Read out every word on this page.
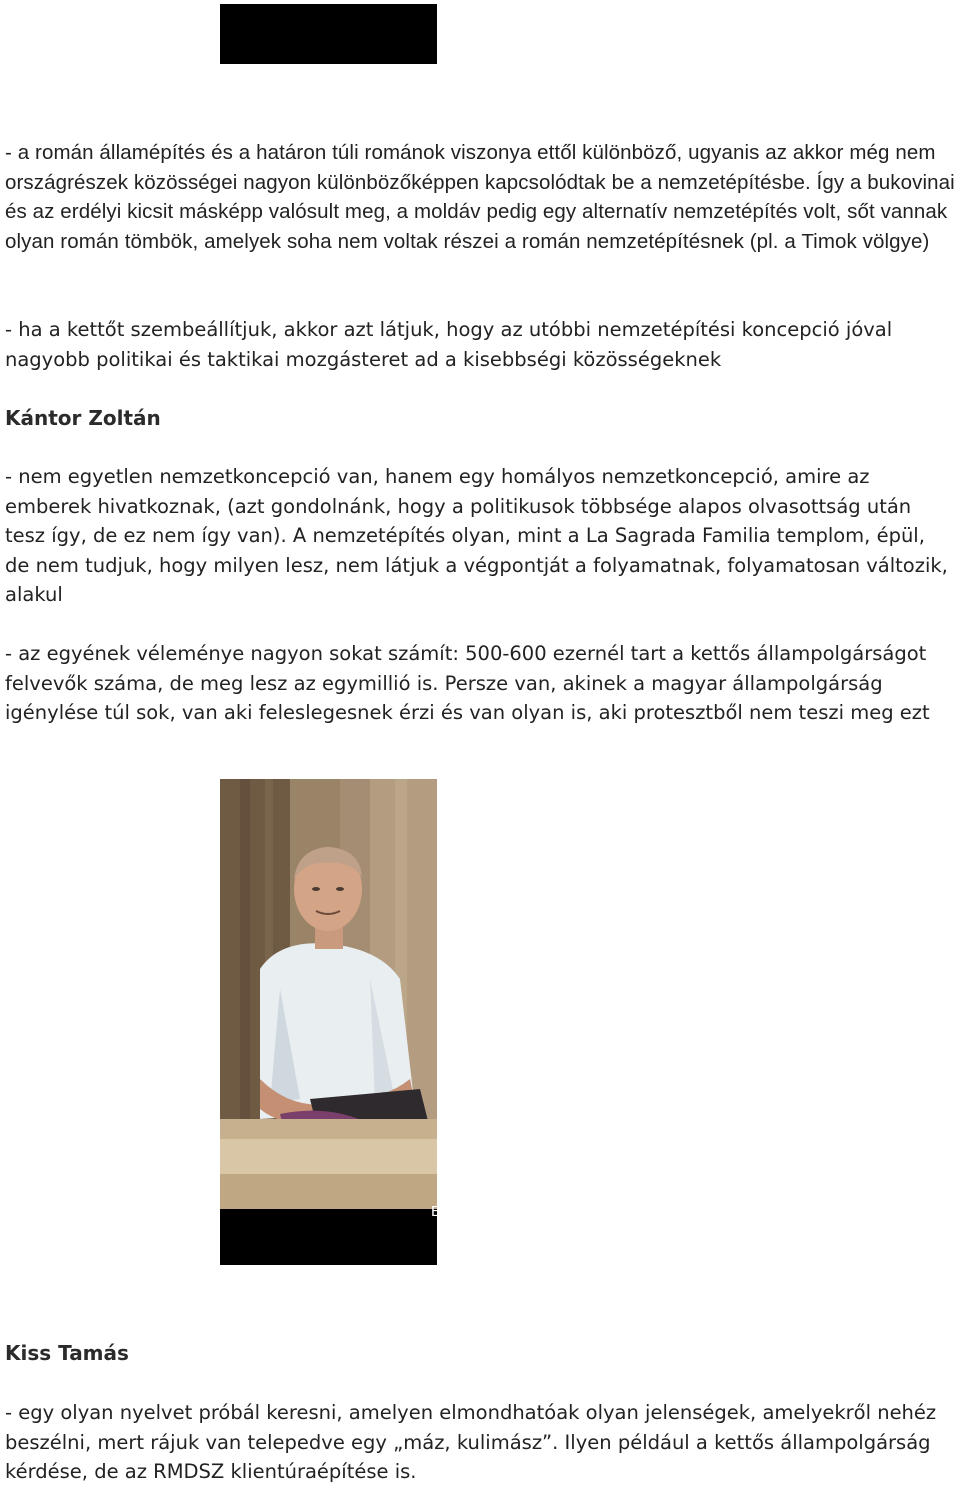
- a román államépítés és a határon túli románok viszonya ettől különböző, ugyanis az akkor még nem országrészek közösségei nagyon különbözőképpen kapcsolódtak be a nemzetépítésbe. Így a bukovinai és az erdélyi kicsit másképp valósult meg, a moldáv pedig egy alternatív nemzetépítés volt, sőt vannak olyan román tömbök, amelyek soha nem voltak részei a román nemzetépítésnek (pl. a Timok völgye)

- ha a kettőt szembeállítjuk, akkor azt látjuk, hogy az utóbbi nemzetépítési koncepció jóval nagyobb politikai és taktikai mozgásteret ad a kisebbségi közösségeknek

Kántor Zoltán

- nem egyetlen nemzetkoncepció van, hanem egy homályos nemzetkoncepció, amire az emberek hivatkoznak, (azt gondolnánk, hogy a politikusok többsége alapos olvasottság után tesz így, de ez nem így van). A nemzetépítés olyan, mint a La Sagrada Familia templom, épül, de nem tudjuk, hogy milyen lesz, nem látjuk a végpontját a folyamatnak, folyamatosan változik, alakul

- az egyének véleménye nagyon sokat számít: 500-600 ezernél tart a kettős állampolgárságot felvevők száma, de meg lesz az egymillió is. Persze van, akinek a magyar állampolgárság igénylése túl sok, van aki feleslegesnek érzi és van olyan is, aki protesztből nem teszi meg ezt

E
Kiss Tamás

- egy olyan nyelvet próbál keresni, amelyen elmondhatóak olyan jelenségek, amelyekről nehéz beszélni, mert rájuk van telepedve egy „máz, kulimász”. Ilyen például a kettős állampolgárság kérdése, de az RMDSZ klientúraépítése is.
